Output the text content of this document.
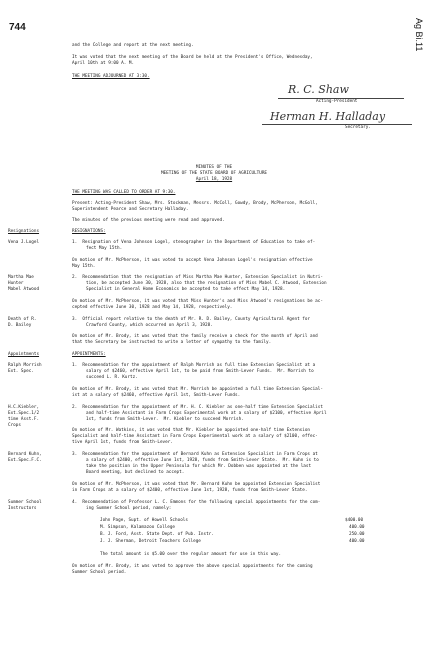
744	Ag Bi.11
and the College and report at the next meeting.
It was voted that the next meeting of the Board be held at the President's Office, Wednesday,
April 10th at 9:00 A. M.
THE MEETING ADJOURNED AT 3:30.
R. C. Shaw
Acting-President
Herman H. Halladay
Secretary.
MINUTES OF THE
MEETING OF THE STATE BOARD OF AGRICULTURE
April 18, 1928
THE MEETING WAS CALLED TO ORDER AT 9:30.
Present: Acting-President Shaw, Mrs. Stockman, Messrs. McColl, Gowdy, Brody, McPherson, McGoll,
Superintendent Pearce and Secretary Halladay.
The minutes of the previous meeting were read and approved.
Resignations	RESIGNATIONS:
Vena J.Logel	1.  Resignation of Vena Johnson Logel, stenographer in the Department of Education to take ef-
fect May 15th.
On motion of Mr. McPherson, it was voted to accept Vena Johnson Logel's resignation effective
May 15th.
Martha Mae
Hunter
Mabel Atwood
2.  Recommendation that the resignation of Miss Martha Mae Hunter, Extension Specialist in Nutri-
tion, be accepted June 30, 1928, also that the resignation of Miss Mabel C. Atwood, Extension
Specialist in General Home Economics be accepted to take effect May 14, 1928.
On motion of Mr. McPherson, it was voted that Miss Hunter's and Miss Atwood's resignations be ac-
cepted effective June 30, 1928 and May 14, 1928, respectively.
Death of R.
D. Bailey
3.  Official report relative to the death of Mr. R. D. Bailey, County Agricultural Agent for
Crawford County, which occurred on April 3, 1928.
On motion of Mr. Brody, it was voted that the family receive a check for the month of April and
that the Secretary be instructed to write a letter of sympathy to the family.
Appointments	APPOINTMENTS:
Ralph Morrish
Ext. Spec.
1.  Recommendation for the appointment of Ralph Morrish as full time Extension Specialist at a
salary of $2460, effective April 1st, to be paid from Smith-Lever Funds.  Mr. Morrish to
succeed L. R. Kurtz.
On motion of Mr. Brody, it was voted that Mr. Morrish be appointed a full time Extension Special-
ist at a salary of $2460, effective April 1st, Smith-Lever Funds.
H.C.Kiebler,
Ext.Spec.1/2
time Asst.F.
Crops
2.  Recommendation for the appointment of Mr. H. C. Kiebler as one-half time Extension Specialist
and half-time Assistant in Farm Crops Experimental work at a salary of $2100, effective April
1st, funds from Smith-Lever.  Mr. Kiebler to succeed Morrish.
On motion of Mr. Watkins, it was voted that Mr. Kiebler be appointed one-half time Extension
Specialist and half-time Assistant in Farm Crops Experimental work at a salary of $2100, effec-
tive April 1st, funds from Smith-Lever.
Bernard Kuhn,
Ext.Spec.F.C.
3.  Recommendation for the appointment of Bernard Kuhn as Extension Specialist in Farm Crops at
a salary of $2400, effective June 1st, 1928, funds from Smith-Lever State.  Mr. Kuhn is to
take the position in the Upper Peninsula for which Mr. Dobben was appointed at the last
Board meeting, but declined to accept.
On motion of Mr. McPherson, it was voted that Mr. Bernard Kuhn be appointed Extension Specialist
in Farm Crops at a salary of $2400, effective June 1st, 1928, funds from Smith-Lever State.
Summer School
Instructors
4.  Recommendation of Professor L. C. Emmons for the following special appointments for the com-
ing Summer School period, namely:
John Page, Supt. of Howell Schools	$400.00
M. Simpson, Kalamazoo College	400.00
B. J. Ford, Asst. State Dept. of Pub. Instr.	250.00
J. J. Sherman, Detroit Teachers College	400.00
The total amount is $5.00 over the regular amount for use in this way.
On motion of Mr. Brody, it was voted to approve the above special appointments for the coming
Summer School period.
